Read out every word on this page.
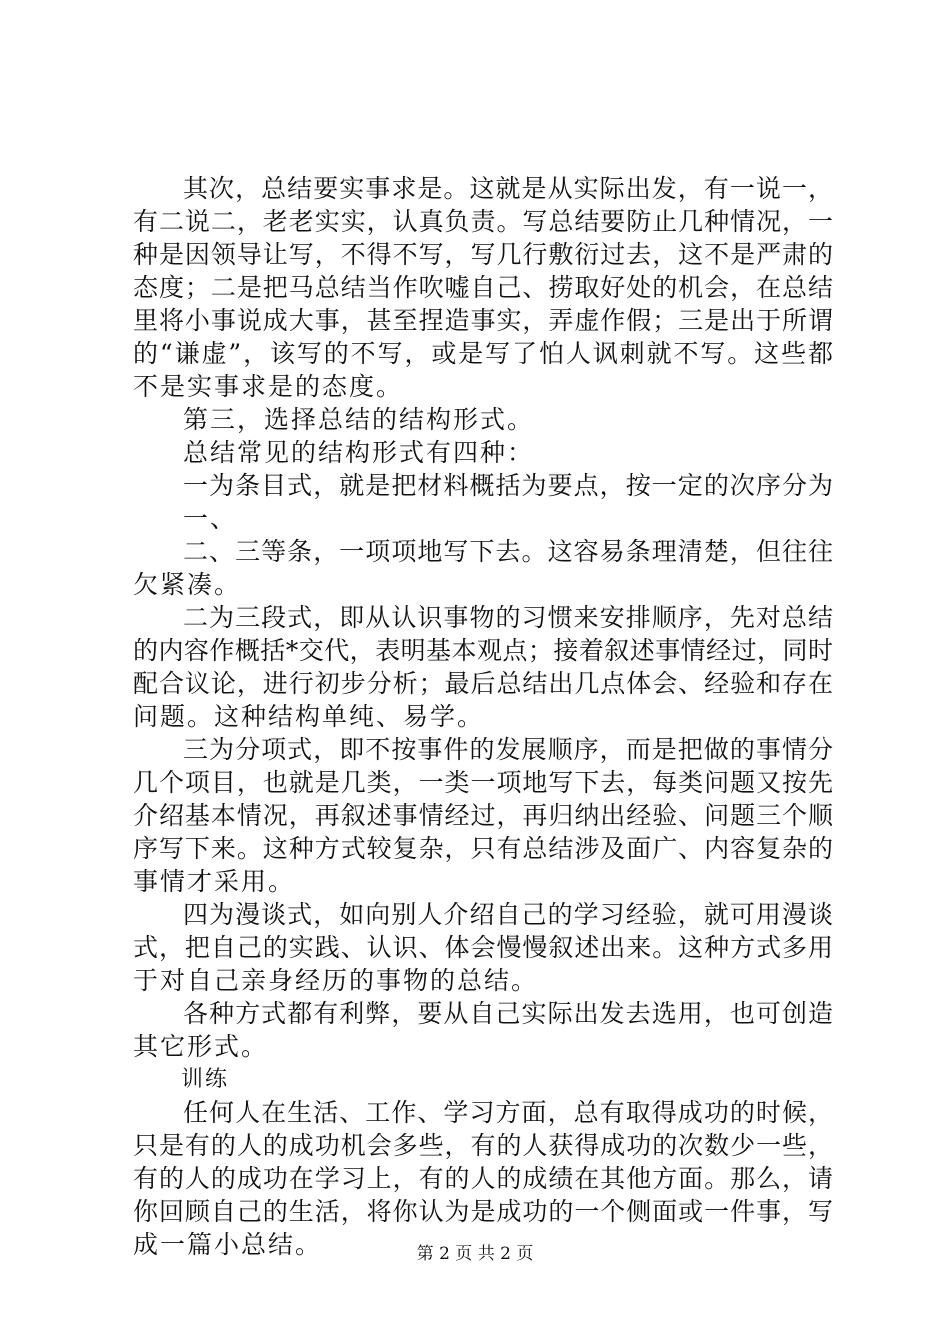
其次，总结要实事求是。这就是从实际出发，有一说一，
有二说二，老老实实，认真负责。写总结要防止几种情况，一
种是因领导让写，不得不写，写几行敷衍过去，这不是严肃的
态度；二是把马总结当作吹嘘自己、捞取好处的机会，在总结
里将小事说成大事，甚至捏造事实，弄虚作假；三是出于所谓
的“谦虚”，该写的不写，或是写了怕人讽刺就不写。这些都
不是实事求是的态度。
第三，选择总结的结构形式。
总结常见的结构形式有四种：
一为条目式，就是把材料概括为要点，按一定的次序分为
一、
二、三等条，一项项地写下去。这容易条理清楚，但往往
欠紧凑。
二为三段式，即从认识事物的习惯来安排顺序，先对总结
的内容作概括*交代，表明基本观点；接着叙述事情经过，同时
配合议论，进行初步分析；最后总结出几点体会、经验和存在
问题。这种结构单纯、易学。
三为分项式，即不按事件的发展顺序，而是把做的事情分
几个项目，也就是几类，一类一项地写下去，每类问题又按先
介绍基本情况，再叙述事情经过，再归纳出经验、问题三个顺
序写下来。这种方式较复杂，只有总结涉及面广、内容复杂的
事情才采用。
四为漫谈式，如向别人介绍自己的学习经验，就可用漫谈
式，把自己的实践、认识、体会慢慢叙述出来。这种方式多用
于对自己亲身经历的事物的总结。
各种方式都有利弊，要从自己实际出发去选用，也可创造
其它形式。
训练
任何人在生活、工作、学习方面，总有取得成功的时候，
只是有的人的成功机会多些，有的人获得成功的次数少一些，
有的人的成功在学习上，有的人的成绩在其他方面。那么，请
你回顾自己的生活，将你认为是成功的一个侧面或一件事，写
成一篇小总结。	第 2 页 共 2 页
